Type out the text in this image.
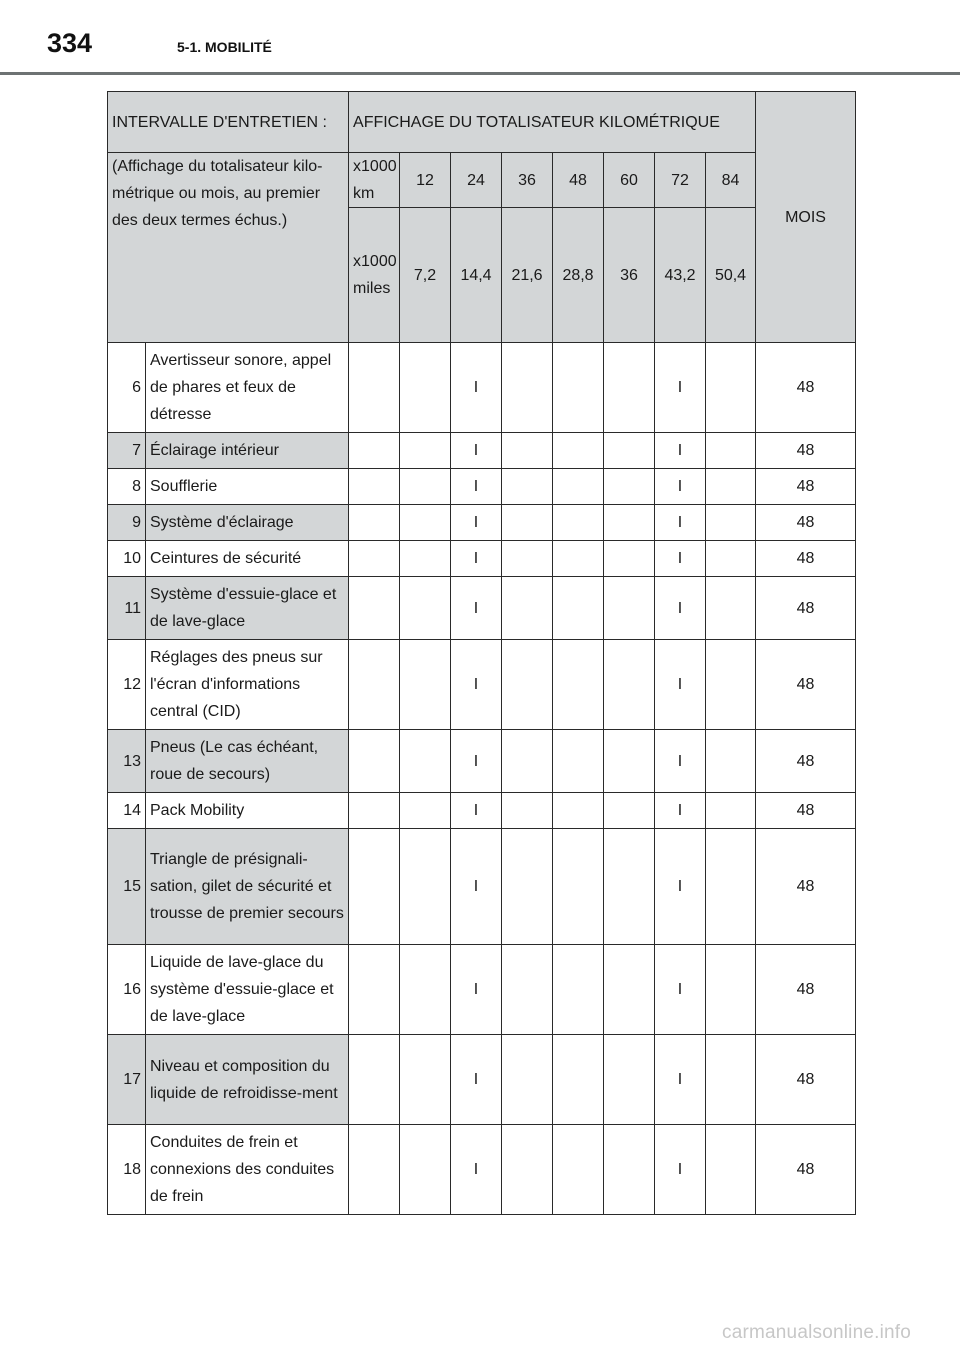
334	5-1. MOBILITÉ
INTERVALLE D'ENTRETIEN :		AFFICHAGE DU TOTALISATEUR KILOMÉTRIQUE								MOIS
(Affichage du totalisateur kilo-métrique ou mois, au premier des deux termes échus.)		x1000 km	12	24	36	48	60	72	84	
		x1000 miles	7,2	14,4	21,6	28,8	36	43,2	50,4	
6	Avertisseur sonore, appel de phares et feux de détresse			I				I		48
7	Éclairage intérieur			I				I		48
8	Soufflerie			I				I		48
9	Système d'éclairage			I				I		48
10	Ceintures de sécurité			I				I		48
11	Système d'essuie-glace et de lave-glace			I				I		48
12	Réglages des pneus sur l'écran d'informations central (CID)			I				I		48
13	Pneus (Le cas échéant, roue de secours)			I				I		48
14	Pack Mobility			I				I		48
15	Triangle de présignali-sation, gilet de sécurité et trousse de premier secours			I				I		48
16	Liquide de lave-glace du système d'essuie-glace et de lave-glace			I				I		48
17	Niveau et composition du liquide de refroidisse-ment			I				I		48
18	Conduites de frein et connexions des conduites de frein			I				I		48
carmanualsonline.info
